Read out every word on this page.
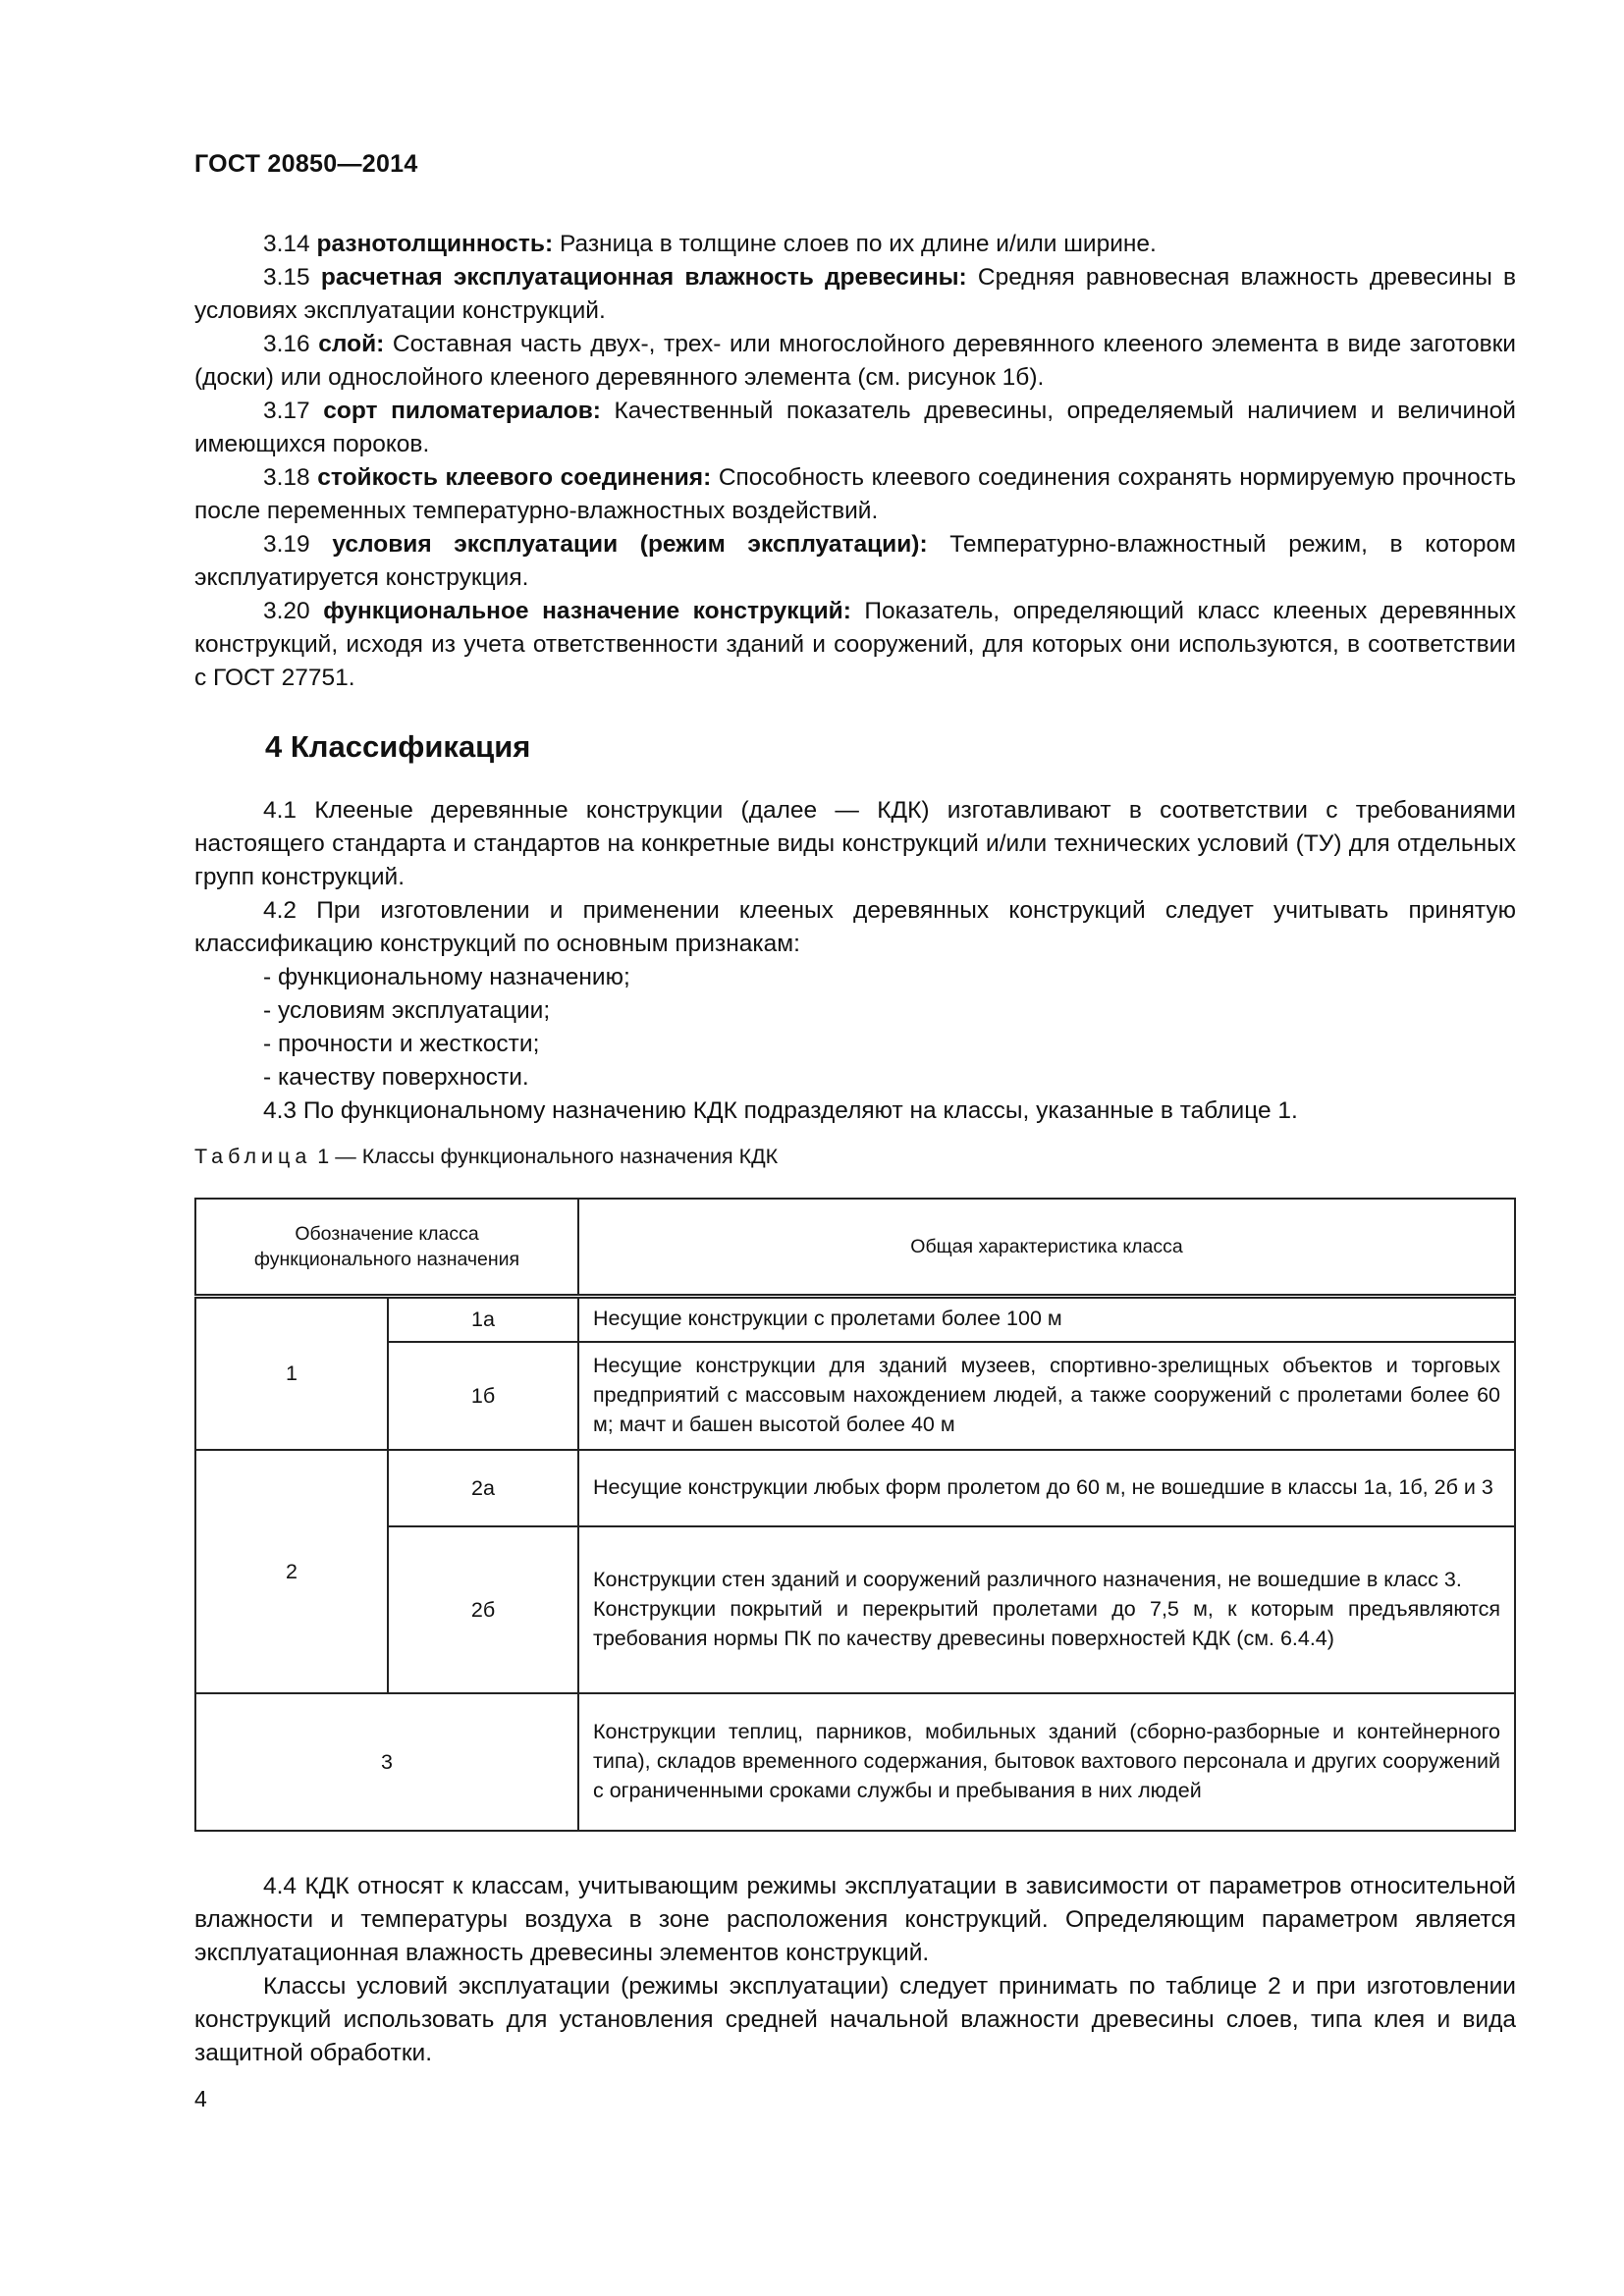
ГОСТ 20850—2014

3.14 разнотолщинность: Разница в толщине слоев по их длине и/или ширине.

3.15 расчетная эксплуатационная влажность древесины: Средняя равновесная влажность древесины в условиях эксплуатации конструкций.

3.16 слой: Составная часть двух-, трех- или многослойного деревянного клееного элемента в виде заготовки (доски) или однослойного клееного деревянного элемента (см. рисунок 1б).

3.17 сорт пиломатериалов: Качественный показатель древесины, определяемый наличием и величиной имеющихся пороков.

3.18 стойкость клеевого соединения: Способность клеевого соединения сохранять нормируемую прочность после переменных температурно-влажностных воздействий.

3.19 условия эксплуатации (режим эксплуатации): Температурно-влажностный режим, в котором эксплуатируется конструкция.

3.20 функциональное назначение конструкций: Показатель, определяющий класс клееных деревянных конструкций, исходя из учета ответственности зданий и сооружений, для которых они используются, в соответствии с ГОСТ 27751.

4 Классификация

4.1 Клееные деревянные конструкции (далее — КДК) изготавливают в соответствии с требованиями настоящего стандарта и стандартов на конкретные виды конструкций и/или технических условий (ТУ) для отдельных групп конструкций.

4.2 При изготовлении и применении клееных деревянных конструкций следует учитывать принятую классификацию конструкций по основным признакам:

- функциональному назначению;

- условиям эксплуатации;

- прочности и жесткости;

- качеству поверхности.

4.3 По функциональному назначению КДК подразделяют на классы, указанные в таблице 1.

Таблица 1 — Классы функционального назначения КДК
Обозначение класса функционального назначения		Общая характеристика класса
1	1а	Несущие конструкции с пролетами более 100 м
	1б	Несущие конструкции для зданий музеев, спортивно-зрелищных объектов и торговых предприятий с массовым нахождением людей, а также сооружений с пролетами более 60 м; мачт и башен высотой более 40 м
2	2а	Несущие конструкции любых форм пролетом до 60 м, не вошедшие в классы 1а, 1б, 2б и 3
	2б	Конструкции стен зданий и сооружений различного назначения, не вошедшие в класс 3.
Конструкции покрытий и перекрытий пролетами до 7,5 м, к которым предъявляются требования нормы ПК по качеству древесины поверхностей КДК (см. 6.4.4)

3		Конструкции теплиц, парников, мобильных зданий (сборно-разборные и контейнерного типа), складов временного содержания, бытовок вахтового персонала и других сооружений с ограниченными сроками службы и пребывания в них людей

4.4 КДК относят к классам, учитывающим режимы эксплуатации в зависимости от параметров относительной влажности и температуры воздуха в зоне расположения конструкций. Определяющим параметром является эксплуатационная влажность древесины элементов конструкций.

Классы условий эксплуатации (режимы эксплуатации) следует принимать по таблице 2 и при изготовлении конструкций использовать для установления средней начальной влажности древесины слоев, типа клея и вида защитной обработки.

4
